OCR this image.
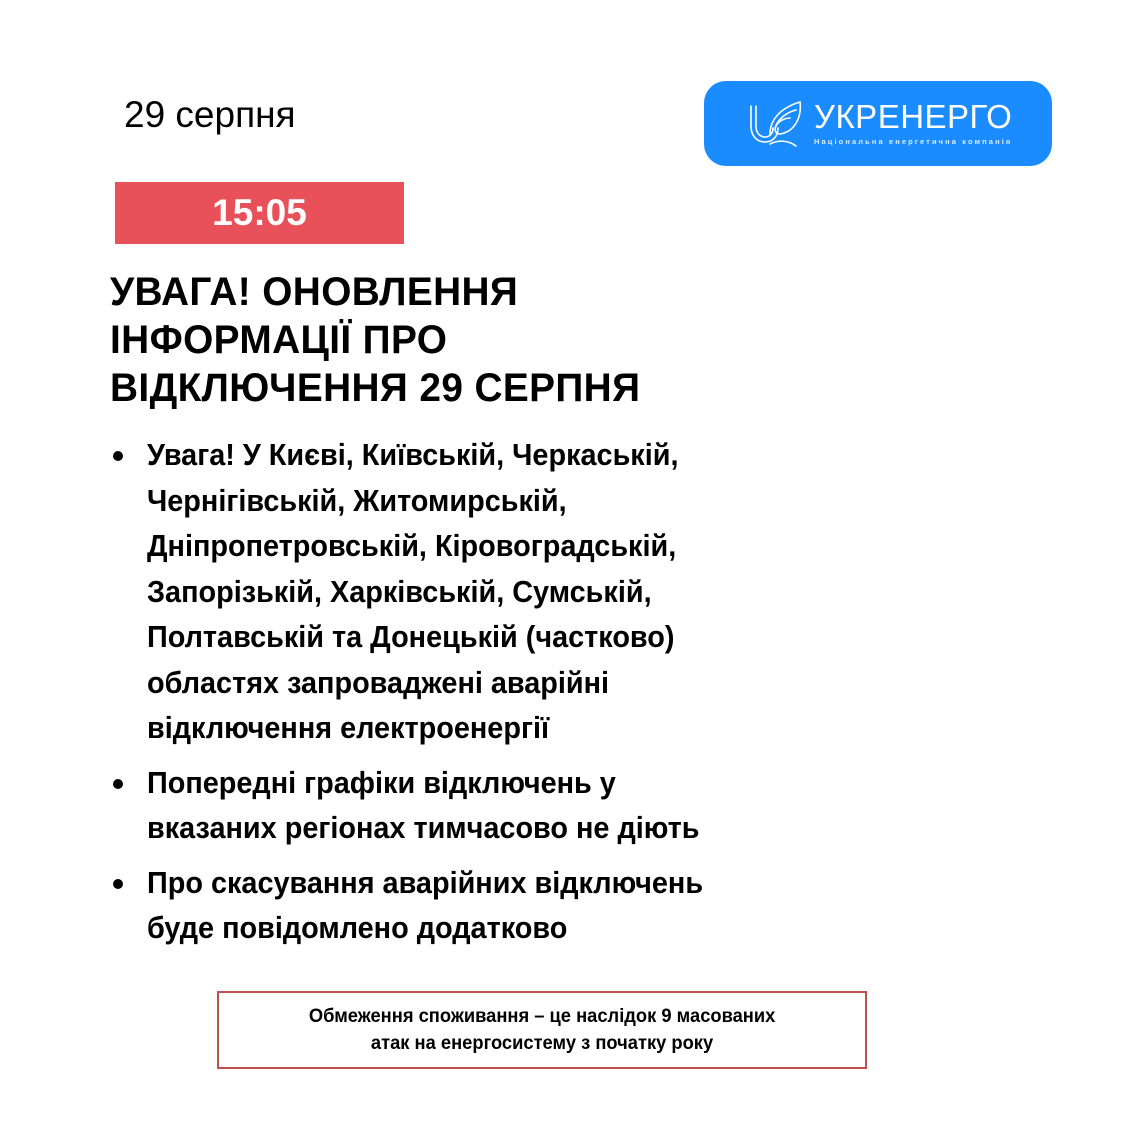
29 серпня	УКРЕНЕРГО
Національна енергетична компанія
15:05
УВАГА! ОНОВЛЕННЯ
ІНФОРМАЦІЇ ПРО
ВІДКЛЮЧЕННЯ 29 СЕРПНЯ
Увага! У Києві, Київській, Черкаській,
Чернігівській, Житомирській,
Дніпропетровській, Кіровоградській,
Запорізькій, Харківській, Сумській,
Полтавській та Донецькій (частково)
областях запроваджені аварійні
відключення електроенергії
Попередні графіки відключень у
вказаних регіонах тимчасово не діють
Про скасування аварійних відключень
буде повідомлено додатково
Обмеження споживання – це наслідок 9 масованих
атак на енергосистему з початку року
